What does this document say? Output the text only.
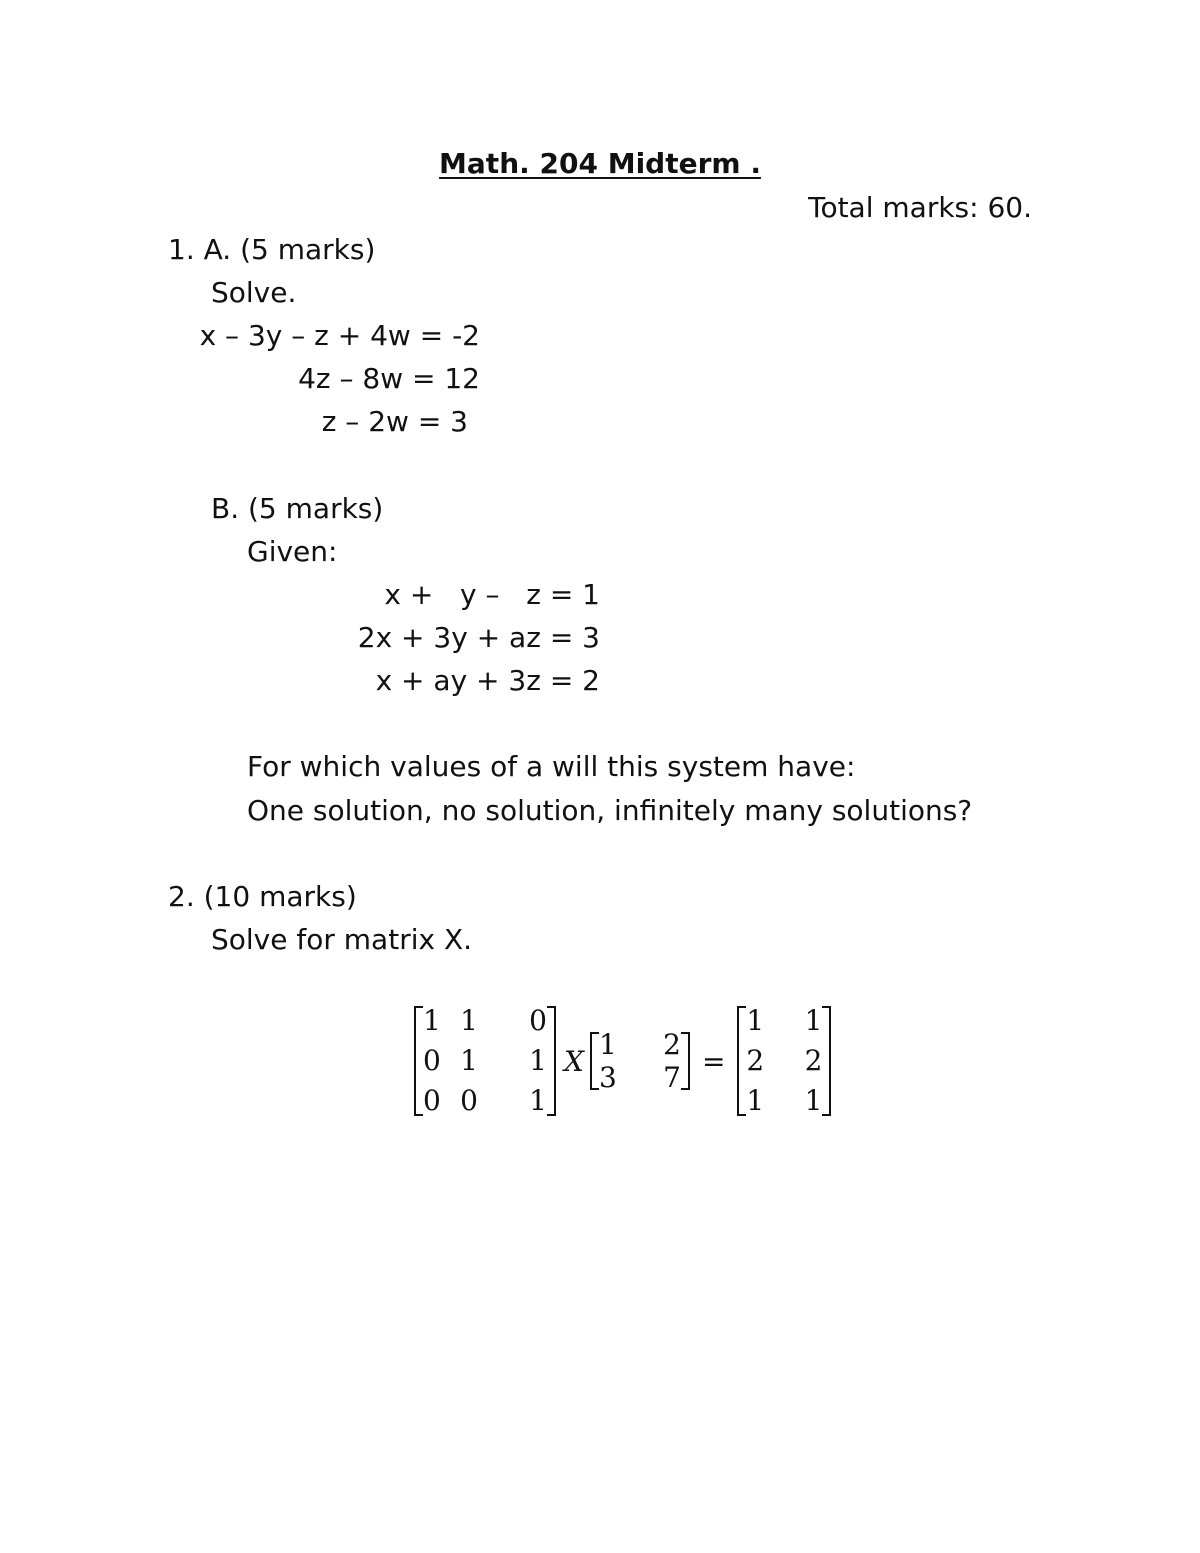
Math. 204 Midterm .
Total marks: 60.
1. A. (5 marks)
Solve.
x – 3y – z + 4w = -2
4z – 8w = 12
z – 2w = 3
B. (5 marks)
Given:
x +   y –   z = 1
2x + 3y + az = 3
x + ay + 3z = 2
For which values of a will this system have:
One solution, no solution, infinitely many solutions?
2. (10 marks)
Solve for matrix X.
1 1	0
0 1	1
0 0	1
X 1	2
3	7 =
1	1
2	2
1	1
